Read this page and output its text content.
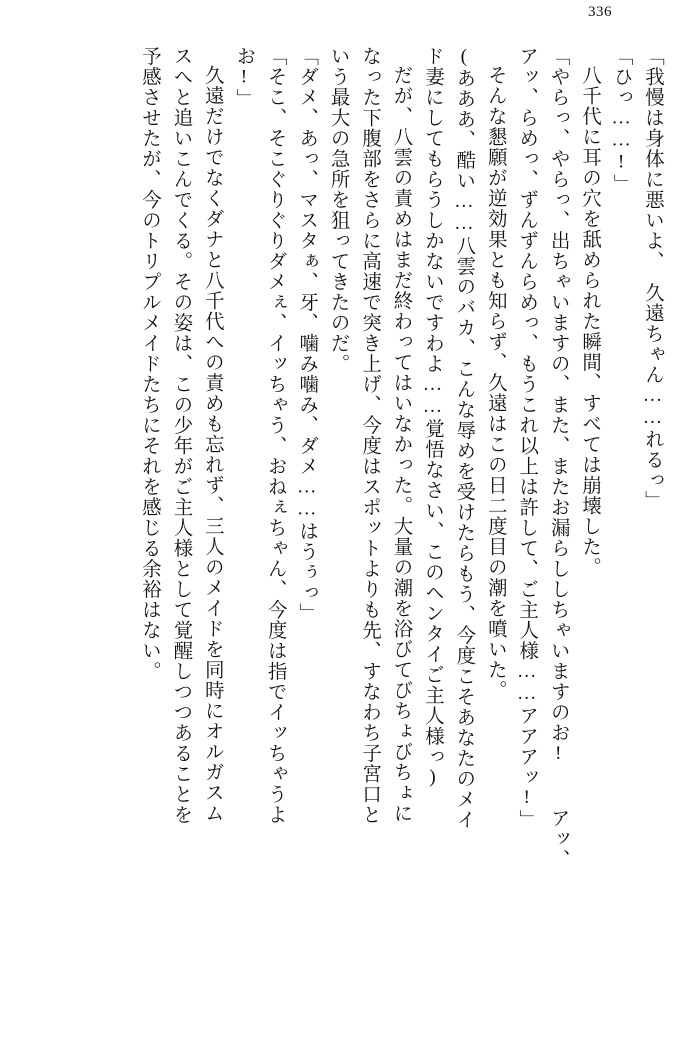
336

「我慢は身体に悪いよ、　久遠ちゃん……れるっ」

「ひっ……!」

八千代に耳の穴を舐められた瞬間、すべては崩壊した。

「やらっ、やらっ、出ちゃいますの、また、またお漏らししちゃいますのお! 　アッ、

アッ、らめっ、ずんずんらめっ、もうこれ以上は許して、ご主人様……アアアッ!」

そんな懇願が逆効果とも知らず、久遠はこの日二度目の潮を噴いた。

(あああ、酷い……八雲のバカ、こんな辱めを受けたらもう、今度こそあなたのメイ

ド妻にしてもらうしかないですわよ……覚悟なさい、このヘンタイご主人様っ)

だが、八雲の責めはまだ終わってはいなかった。大量の潮を浴びてびちょびちょに

なった下腹部をさらに高速で突き上げ、今度はスポットよりも先、すなわち子宮口と

いう最大の急所を狙ってきたのだ。

「ダメ、あっ、マスタぁ、牙、噛み噛み、ダメ……はうぅっ」

「そこ、そこぐりぐりダメぇ、イッちゃう、おねぇちゃん、今度は指でイッちゃうよ

お!」

久遠だけでなくダナと八千代への責めも忘れず、三人のメイドを同時にオルガスム

スへと追いこんでくる。その姿は、この少年がご主人様として覚醒しつつあることを

予感させたが、今のトリプルメイドたちにそれを感じる余裕はない。
